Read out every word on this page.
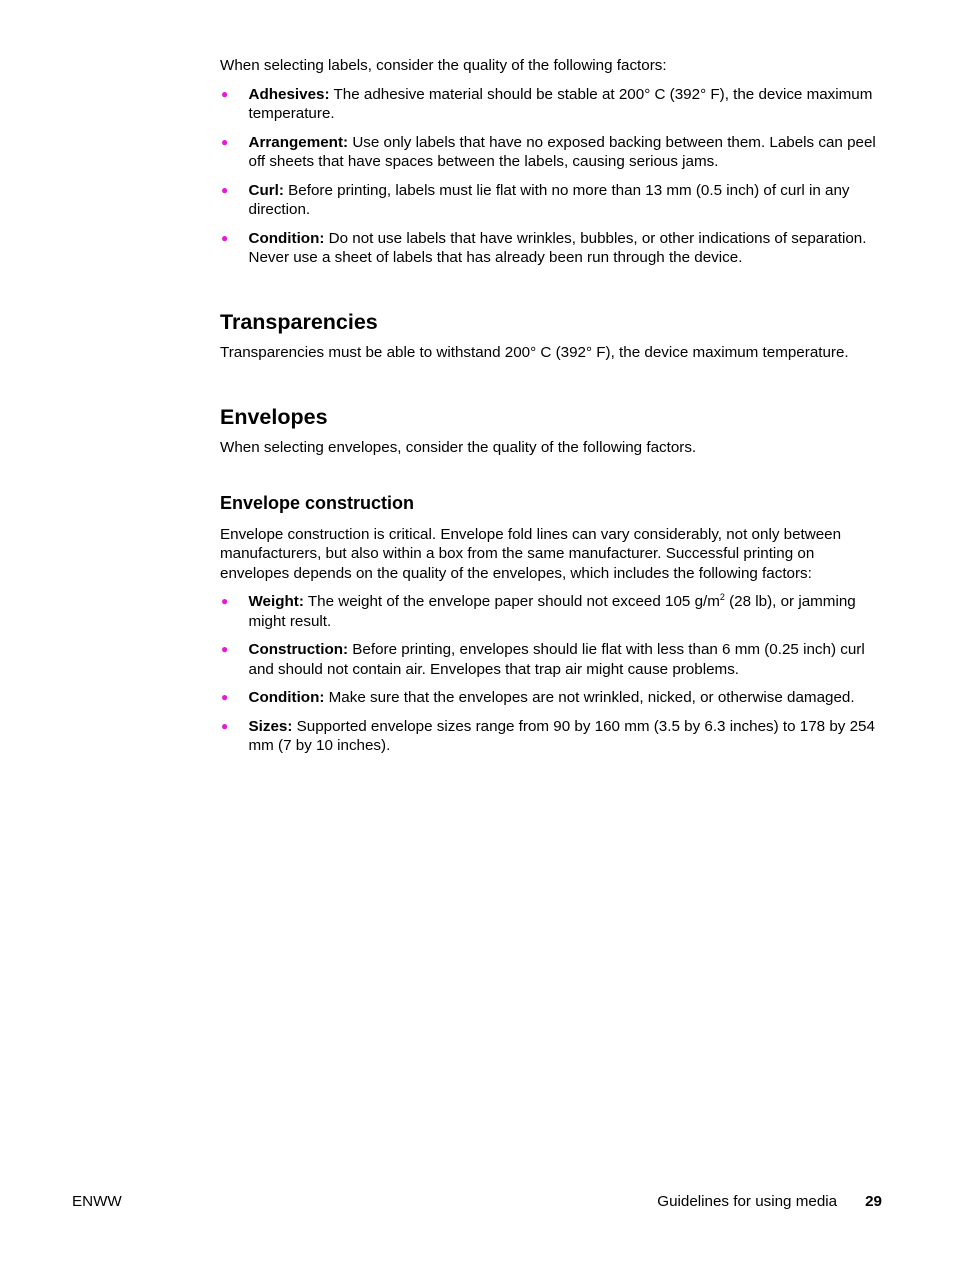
When selecting labels, consider the quality of the following factors:

● Adhesives: The adhesive material should be stable at 200° C (392° F), the device maximum temperature.
● Arrangement: Use only labels that have no exposed backing between them. Labels can peel off sheets that have spaces between the labels, causing serious jams.
● Curl: Before printing, labels must lie flat with no more than 13 mm (0.5 inch) of curl in any direction.
● Condition: Do not use labels that have wrinkles, bubbles, or other indications of separation. Never use a sheet of labels that has already been run through the device.
Transparencies

Transparencies must be able to withstand 200° C (392° F), the device maximum temperature.

Envelopes

When selecting envelopes, consider the quality of the following factors.

Envelope construction

Envelope construction is critical. Envelope fold lines can vary considerably, not only between manufacturers, but also within a box from the same manufacturer. Successful printing on envelopes depends on the quality of the envelopes, which includes the following factors:

● Weight: The weight of the envelope paper should not exceed 105 $g/m^2$ (28 lb), or jamming might result.
● Construction: Before printing, envelopes should lie flat with less than 6 mm (0.25 inch) curl and should not contain air. Envelopes that trap air might cause problems.
● Condition: Make sure that the envelopes are not wrinkled, nicked, or otherwise damaged.
● Sizes: Supported envelope sizes range from 90 by 160 mm (3.5 by 6.3 inches) to 178 by 254 mm (7 by 10 inches).
ENWW	Guidelines for using media 29
